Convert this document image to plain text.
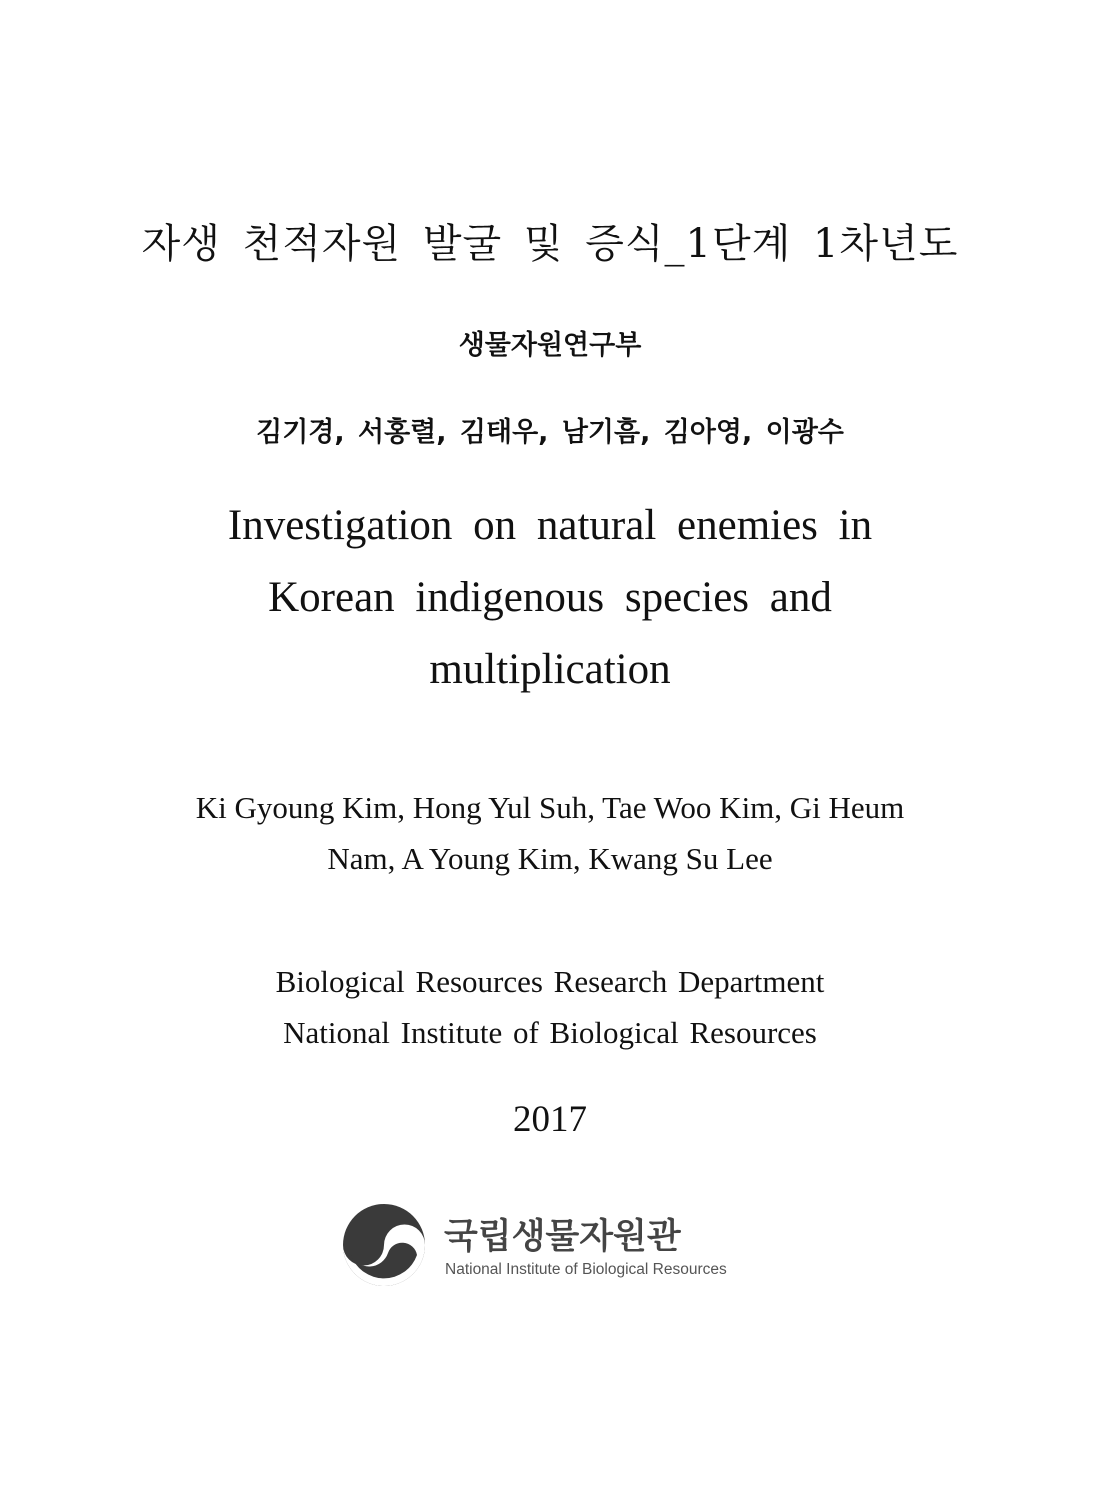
자생 천적자원 발굴 및 증식_1단계 1차년도
생물자원연구부
김기경, 서홍렬, 김태우, 남기흠, 김아영, 이광수
Investigation on natural enemies in
Korean indigenous species and
multiplication
Ki Gyoung Kim, Hong Yul Suh, Tae Woo Kim, Gi Heum
Nam, A Young Kim, Kwang Su Lee
Biological Resources Research Department
National Institute of Biological Resources
2017
국립생물자원관
National Institute of Biological Resources
